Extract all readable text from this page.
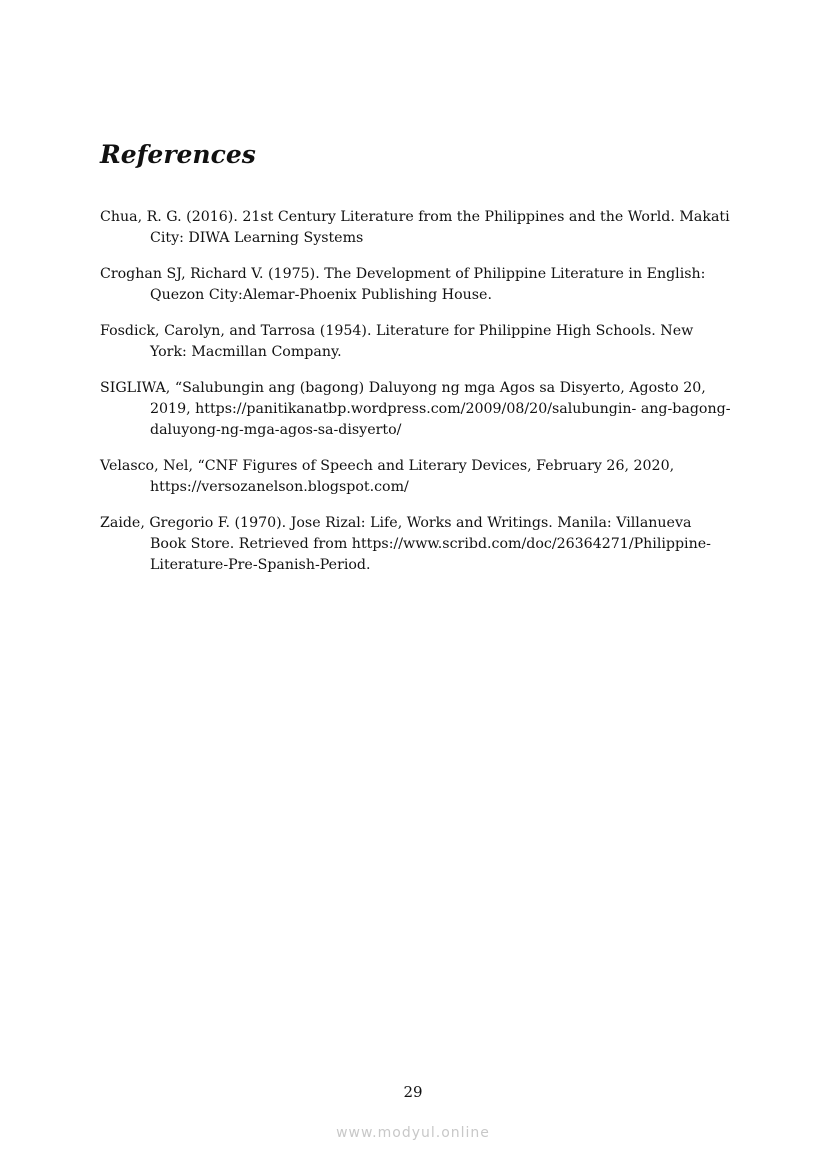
References
Chua, R. G. (2016). 21st Century Literature from the Philippines and the World. Makati City: DIWA Learning Systems
Croghan SJ, Richard V. (1975). The Development of Philippine Literature in English: Quezon City:Alemar-Phoenix Publishing House.
Fosdick, Carolyn, and Tarrosa (1954). Literature for Philippine High Schools. New York: Macmillan Company.
SIGLIWA, “Salubungin ang (bagong) Daluyong ng mga Agos sa Disyerto, Agosto 20, 2019, https://panitikanatbp.wordpress.com/2009/08/20/salubungin- ang-bagong-daluyong-ng-mga-agos-sa-disyerto/
Velasco, Nel, “CNF Figures of Speech and Literary Devices, February 26, 2020, https://versozanelson.blogspot.com/
Zaide, Gregorio F. (1970). Jose Rizal: Life, Works and Writings. Manila: Villanueva Book Store. Retrieved from https://www.scribd.com/doc/26364271/Philippine-Literature-Pre-Spanish-Period.
29
www.modyul.online
